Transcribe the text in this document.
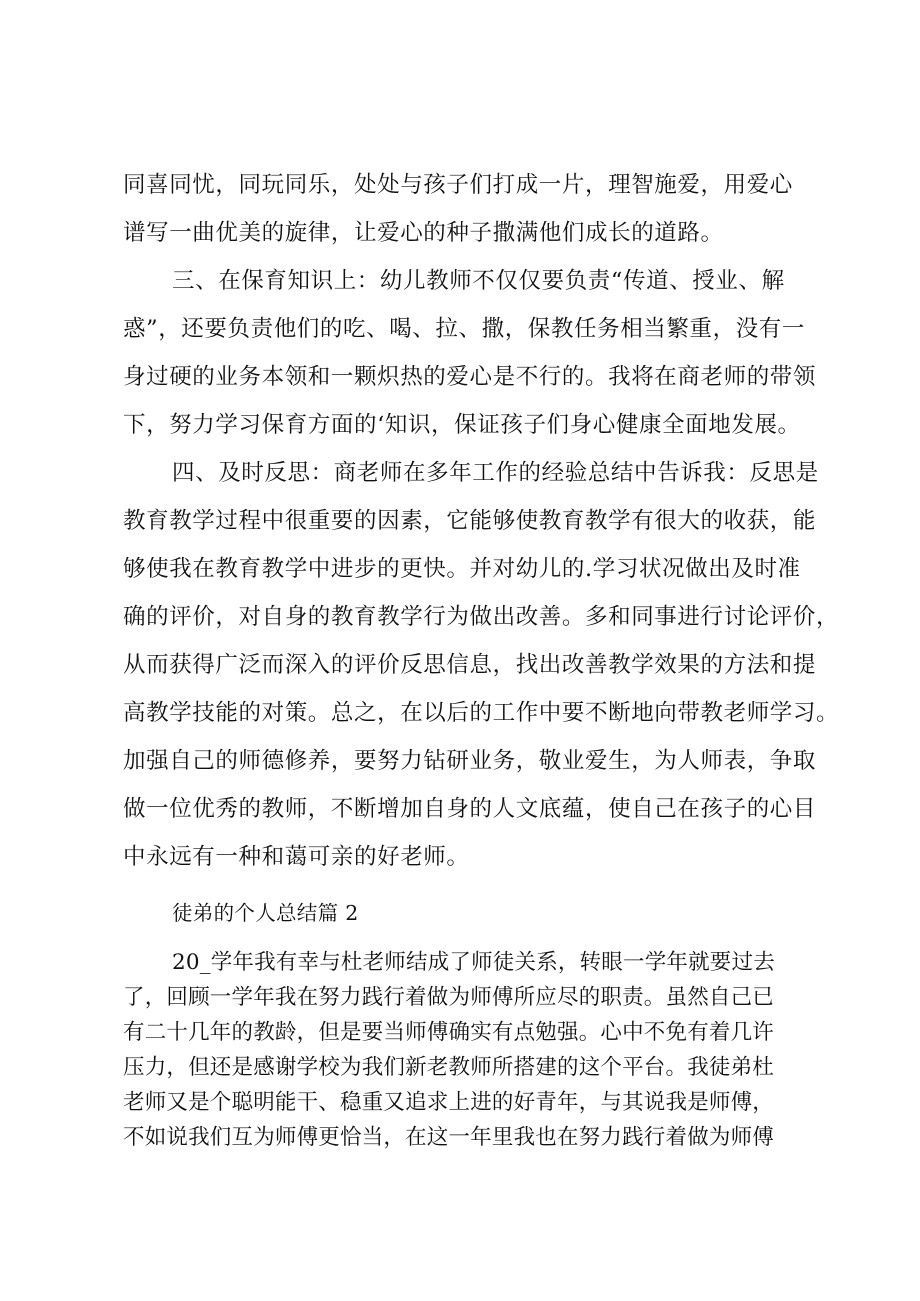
同喜同忧，同玩同乐，处处与孩子们打成一片，理智施爱，用爱心
谱写一曲优美的旋律，让爱心的种子撒满他们成长的道路。
三、在保育知识上：幼儿教师不仅仅要负责“传道、授业、解
惑”，还要负责他们的吃、喝、拉、撒，保教任务相当繁重，没有一
身过硬的业务本领和一颗炽热的爱心是不行的。我将在商老师的带领
下，努力学习保育方面的‘知识，保证孩子们身心健康全面地发展。
四、及时反思：商老师在多年工作的经验总结中告诉我：反思是
教育教学过程中很重要的因素，它能够使教育教学有很大的收获，能
够使我在教育教学中进步的更快。并对幼儿的.学习状况做出及时准
确的评价，对自身的教育教学行为做出改善。多和同事进行讨论评价，
从而获得广泛而深入的评价反思信息，找出改善教学效果的方法和提
高教学技能的对策。总之，在以后的工作中要不断地向带教老师学习。
加强自己的师德修养，要努力钻研业务，敬业爱生，为人师表，争取
做一位优秀的教师，不断增加自身的人文底蕴，使自己在孩子的心目
中永远有一种和蔼可亲的好老师。
徒弟的个人总结篇 2
20_学年我有幸与杜老师结成了师徒关系，转眼一学年就要过去
了，回顾一学年我在努力践行着做为师傅所应尽的职责。虽然自己已
有二十几年的教龄，但是要当师傅确实有点勉强。心中不免有着几许
压力，但还是感谢学校为我们新老教师所搭建的这个平台。我徒弟杜
老师又是个聪明能干、稳重又追求上进的好青年，与其说我是师傅，
不如说我们互为师傅更恰当，在这一年里我也在努力践行着做为师傅
